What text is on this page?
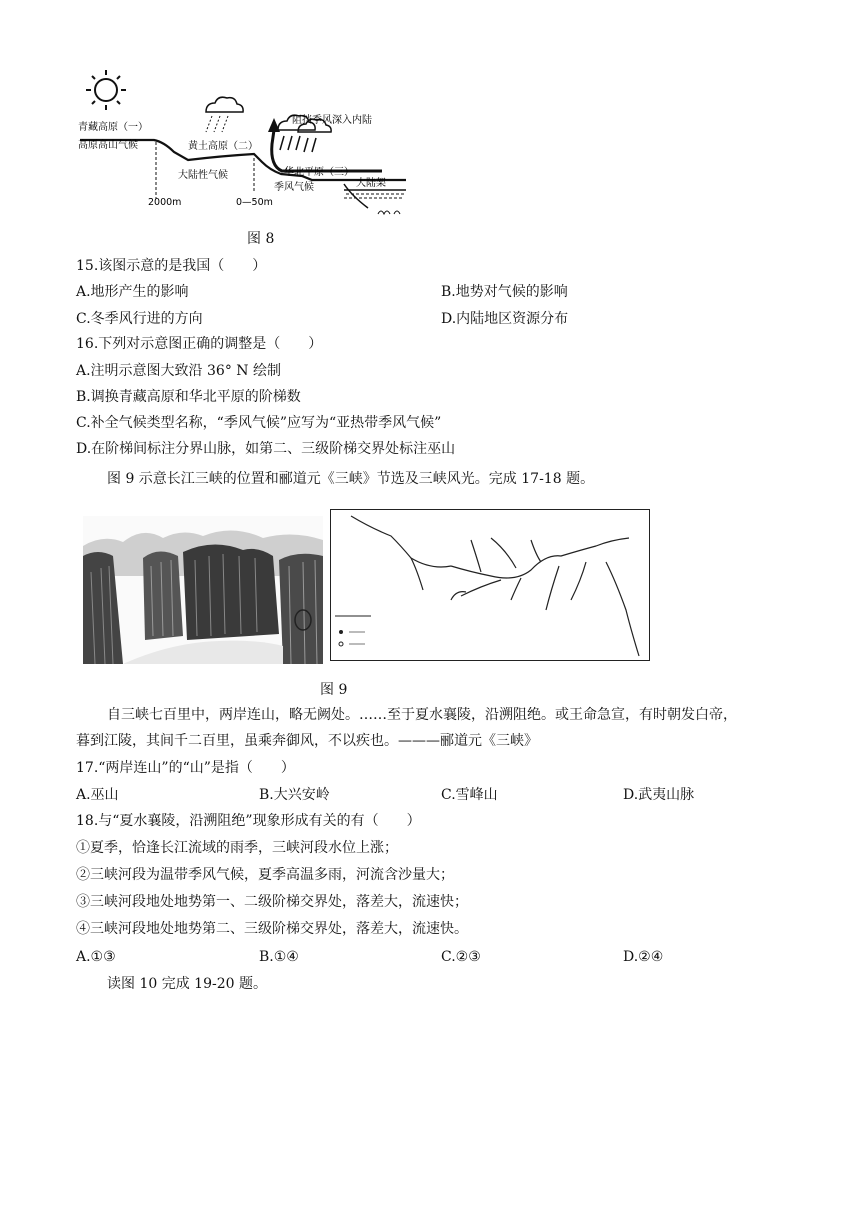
青藏高原（一）
高原高山气候	黄土高原（二）
大陆性气候	华北平原（三）
季风气候
阻挡季风深入内陆
大陆架
2000m	0—50m
图 8
15.该图示意的是我国（　　）
A.地形产生的影响	B.地势对气候的影响
C.冬季风行进的方向	D.内陆地区资源分布
16.下列对示意图正确的调整是（　　）
A.注明示意图大致沿 36° N 绘制
B.调换青藏高原和华北平原的阶梯数
C.补全气候类型名称，“季风气候”应写为“亚热带季风气候”
D.在阶梯间标注分界山脉，如第二、三级阶梯交界处标注巫山
图 9 示意长江三峡的位置和郦道元《三峡》节选及三峡风光。完成 17-18 题。
图 9
自三峡七百里中，两岸连山，略无阙处。……至于夏水襄陵，沿溯阻绝。或王命急宣，有时朝发白帝，
暮到江陵，其间千二百里，虽乘奔御风，不以疾也。———郦道元《三峡》
17.“两岸连山”的“山”是指（　　）
A.巫山	B.大兴安岭	C.雪峰山	D.武夷山脉
18.与“夏水襄陵，沿溯阻绝”现象形成有关的有（　　）
①夏季，恰逢长江流域的雨季，三峡河段水位上涨；
②三峡河段为温带季风气候，夏季高温多雨，河流含沙量大；
③三峡河段地处地势第一、二级阶梯交界处，落差大，流速快；
④三峡河段地处地势第二、三级阶梯交界处，落差大，流速快。
A.①③	B.①④	C.②③	D.②④
读图 10 完成 19-20 题。
